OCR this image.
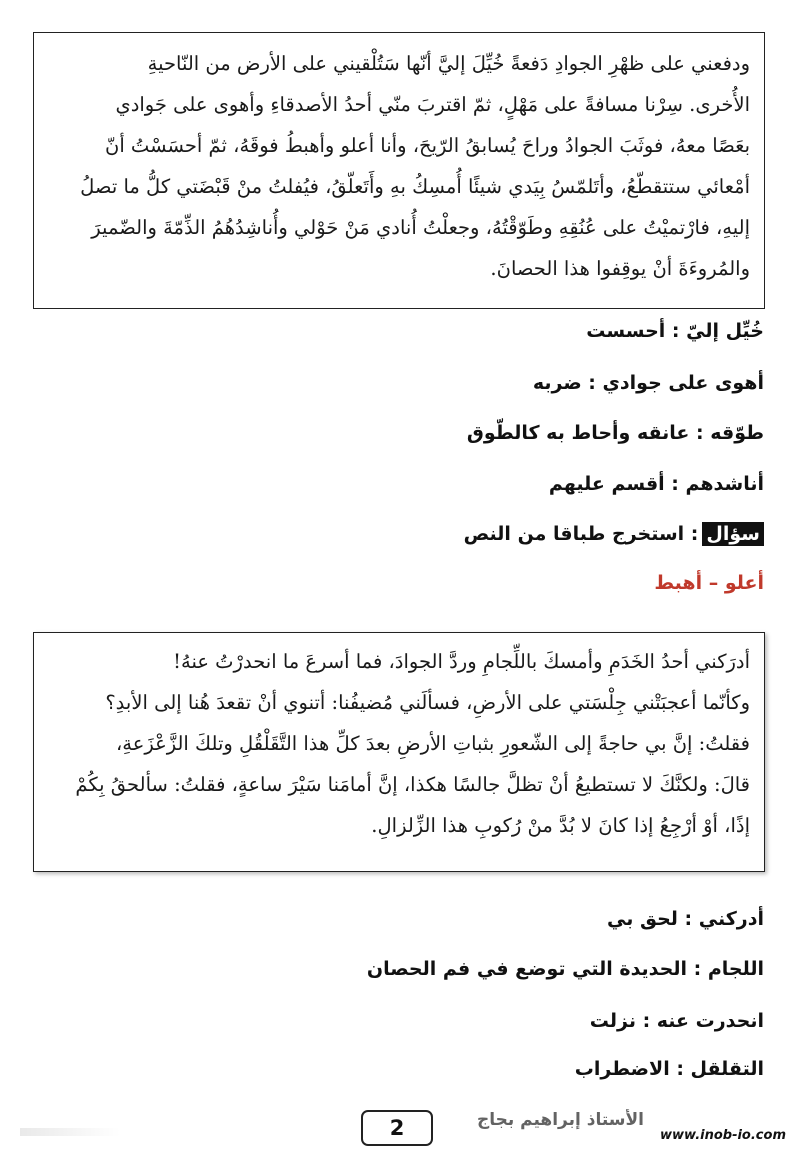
ودفعني على ظهْرِ الجوادِ دَفعةً خُيِّلَ إليَّ أنّها سَتُلْقيني على الأرض من النّاحيةِ
الأُخرى. سِرْنا مسافةً على مَهْلٍ، ثمّ اقتربَ منّي أحدُ الأصدقاءِ وأهوى على جَوادي
بعَصًا معهُ، فوثَبَ الجوادُ وراحَ يُسابقُ الرّيحَ، وأنا أعلو وأهبطُ فوقَهُ، ثمّ أحسَسْتُ أنّ
أمْعائي ستتقطّعُ، وأتَلمّسُ بِيَدي شيئًا أُمسِكُ بهِ وأَتَعلّقُ، فيُفلتُ منْ قَبْضَتي كلُّ ما تصلُ
إليهِ، فارْتميْتُ على عُنُقِهِ وطَوّقْتُهُ، وجعلْتُ أُنادي مَنْ حَوْلي وأُناشِدُهُمُ الذِّمّةَ والضّميرَ
والمُروءَةَ أنْ يوقِفوا هذا الحصانَ.
خُيِّل إليّ : أحسست
أهوى على جوادي : ضربه
طوّقه : عانقه وأحاط به كالطّوق
أناشدهم : أقسم عليهم
سؤال: استخرج طباقا من النص
أعلو – أهبط
أدرَكني أحدُ الخَدَمِ وأمسكَ باللِّجامِ وردَّ الجوادَ، فما أسرعَ ما انحدرْتُ عنهُ!
وكأنّما أعجبَتْني جِلْسَتي على الأرضِ، فسألَني مُضيفُنا: أتنوي أنْ تقعدَ هُنا إلى الأبدِ؟
فقلتُ: إنَّ بي حاجةً إلى الشّعورِ بثباتِ الأرضِ بعدَ كلِّ هذا التَّقَلْقُلِ وتلكَ الزَّعْزَعةِ،
قالَ: ولكنَّكَ لا تستطيعُ أنْ تظلَّ جالسًا هكذا، إنَّ أمامَنا سَيْرَ ساعةٍ، فقلتُ: سألحقُ بِكُمْ
إذًا، أوْ أرْجِعُ إذا كانَ لا بُدَّ منْ رُكوبِ هذا الزِّلزالِ.
أدركني : لحق بي
اللجام : الحديدة التي توضع في فم الحصان
انحدرت عنه : نزلت
التقلقل : الاضطراب
الأستاذ إبراهيم بجاج
2	www.inob-io.com
